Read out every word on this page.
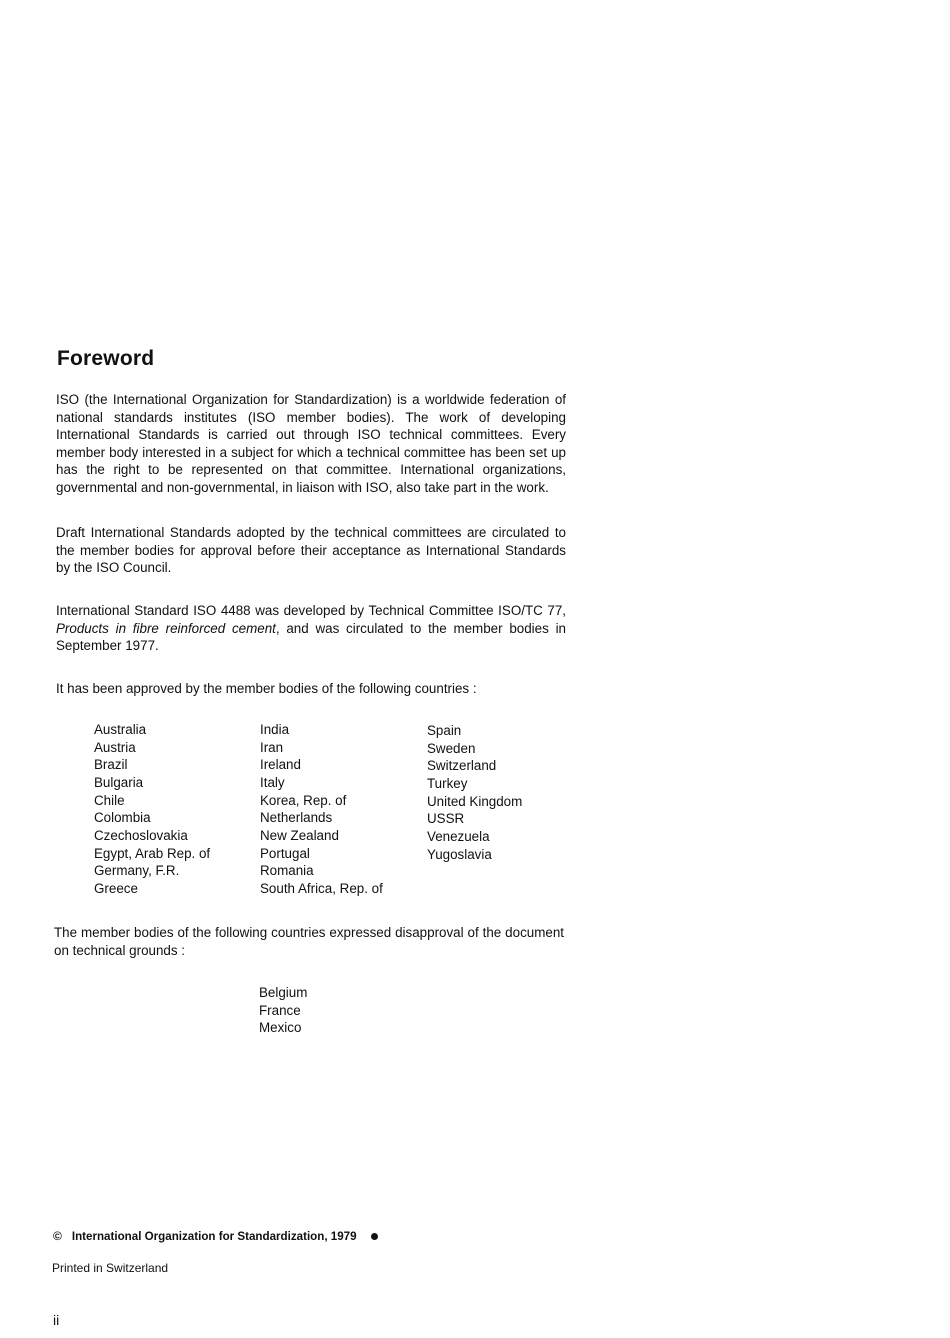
Foreword

ISO (the International Organization for Standardization) is a worldwide federation of national standards institutes (ISO member bodies). The work of developing International Standards is carried out through ISO technical committees. Every member body interested in a subject for which a technical committee has been set up has the right to be represented on that committee. International organizations, governmental and non-governmental, in liaison with ISO, also take part in the work.

Draft International Standards adopted by the technical committees are circulated to the member bodies for approval before their acceptance as International Standards by the ISO Council.

International Standard ISO 4488 was developed by Technical Committee ISO/TC 77, Products in fibre reinforced cement, and was circulated to the member bodies in September 1977.

It has been approved by the member bodies of the following countries :

Australia
Austria
Brazil
Bulgaria
Chile
Colombia
Czechoslovakia
Egypt, Arab Rep. of
Germany, F.R.
Greece
India
Iran
Ireland
Italy
Korea, Rep. of
Netherlands
New Zealand
Portugal
Romania
South Africa, Rep. of
Spain
Sweden
Switzerland
Turkey
United Kingdom
USSR
Venezuela
Yugoslavia

The member bodies of the following countries expressed disapproval of the document on technical grounds :

Belgium
France
Mexico
© International Organization for Standardization, 1979
Printed in Switzerland
ii
